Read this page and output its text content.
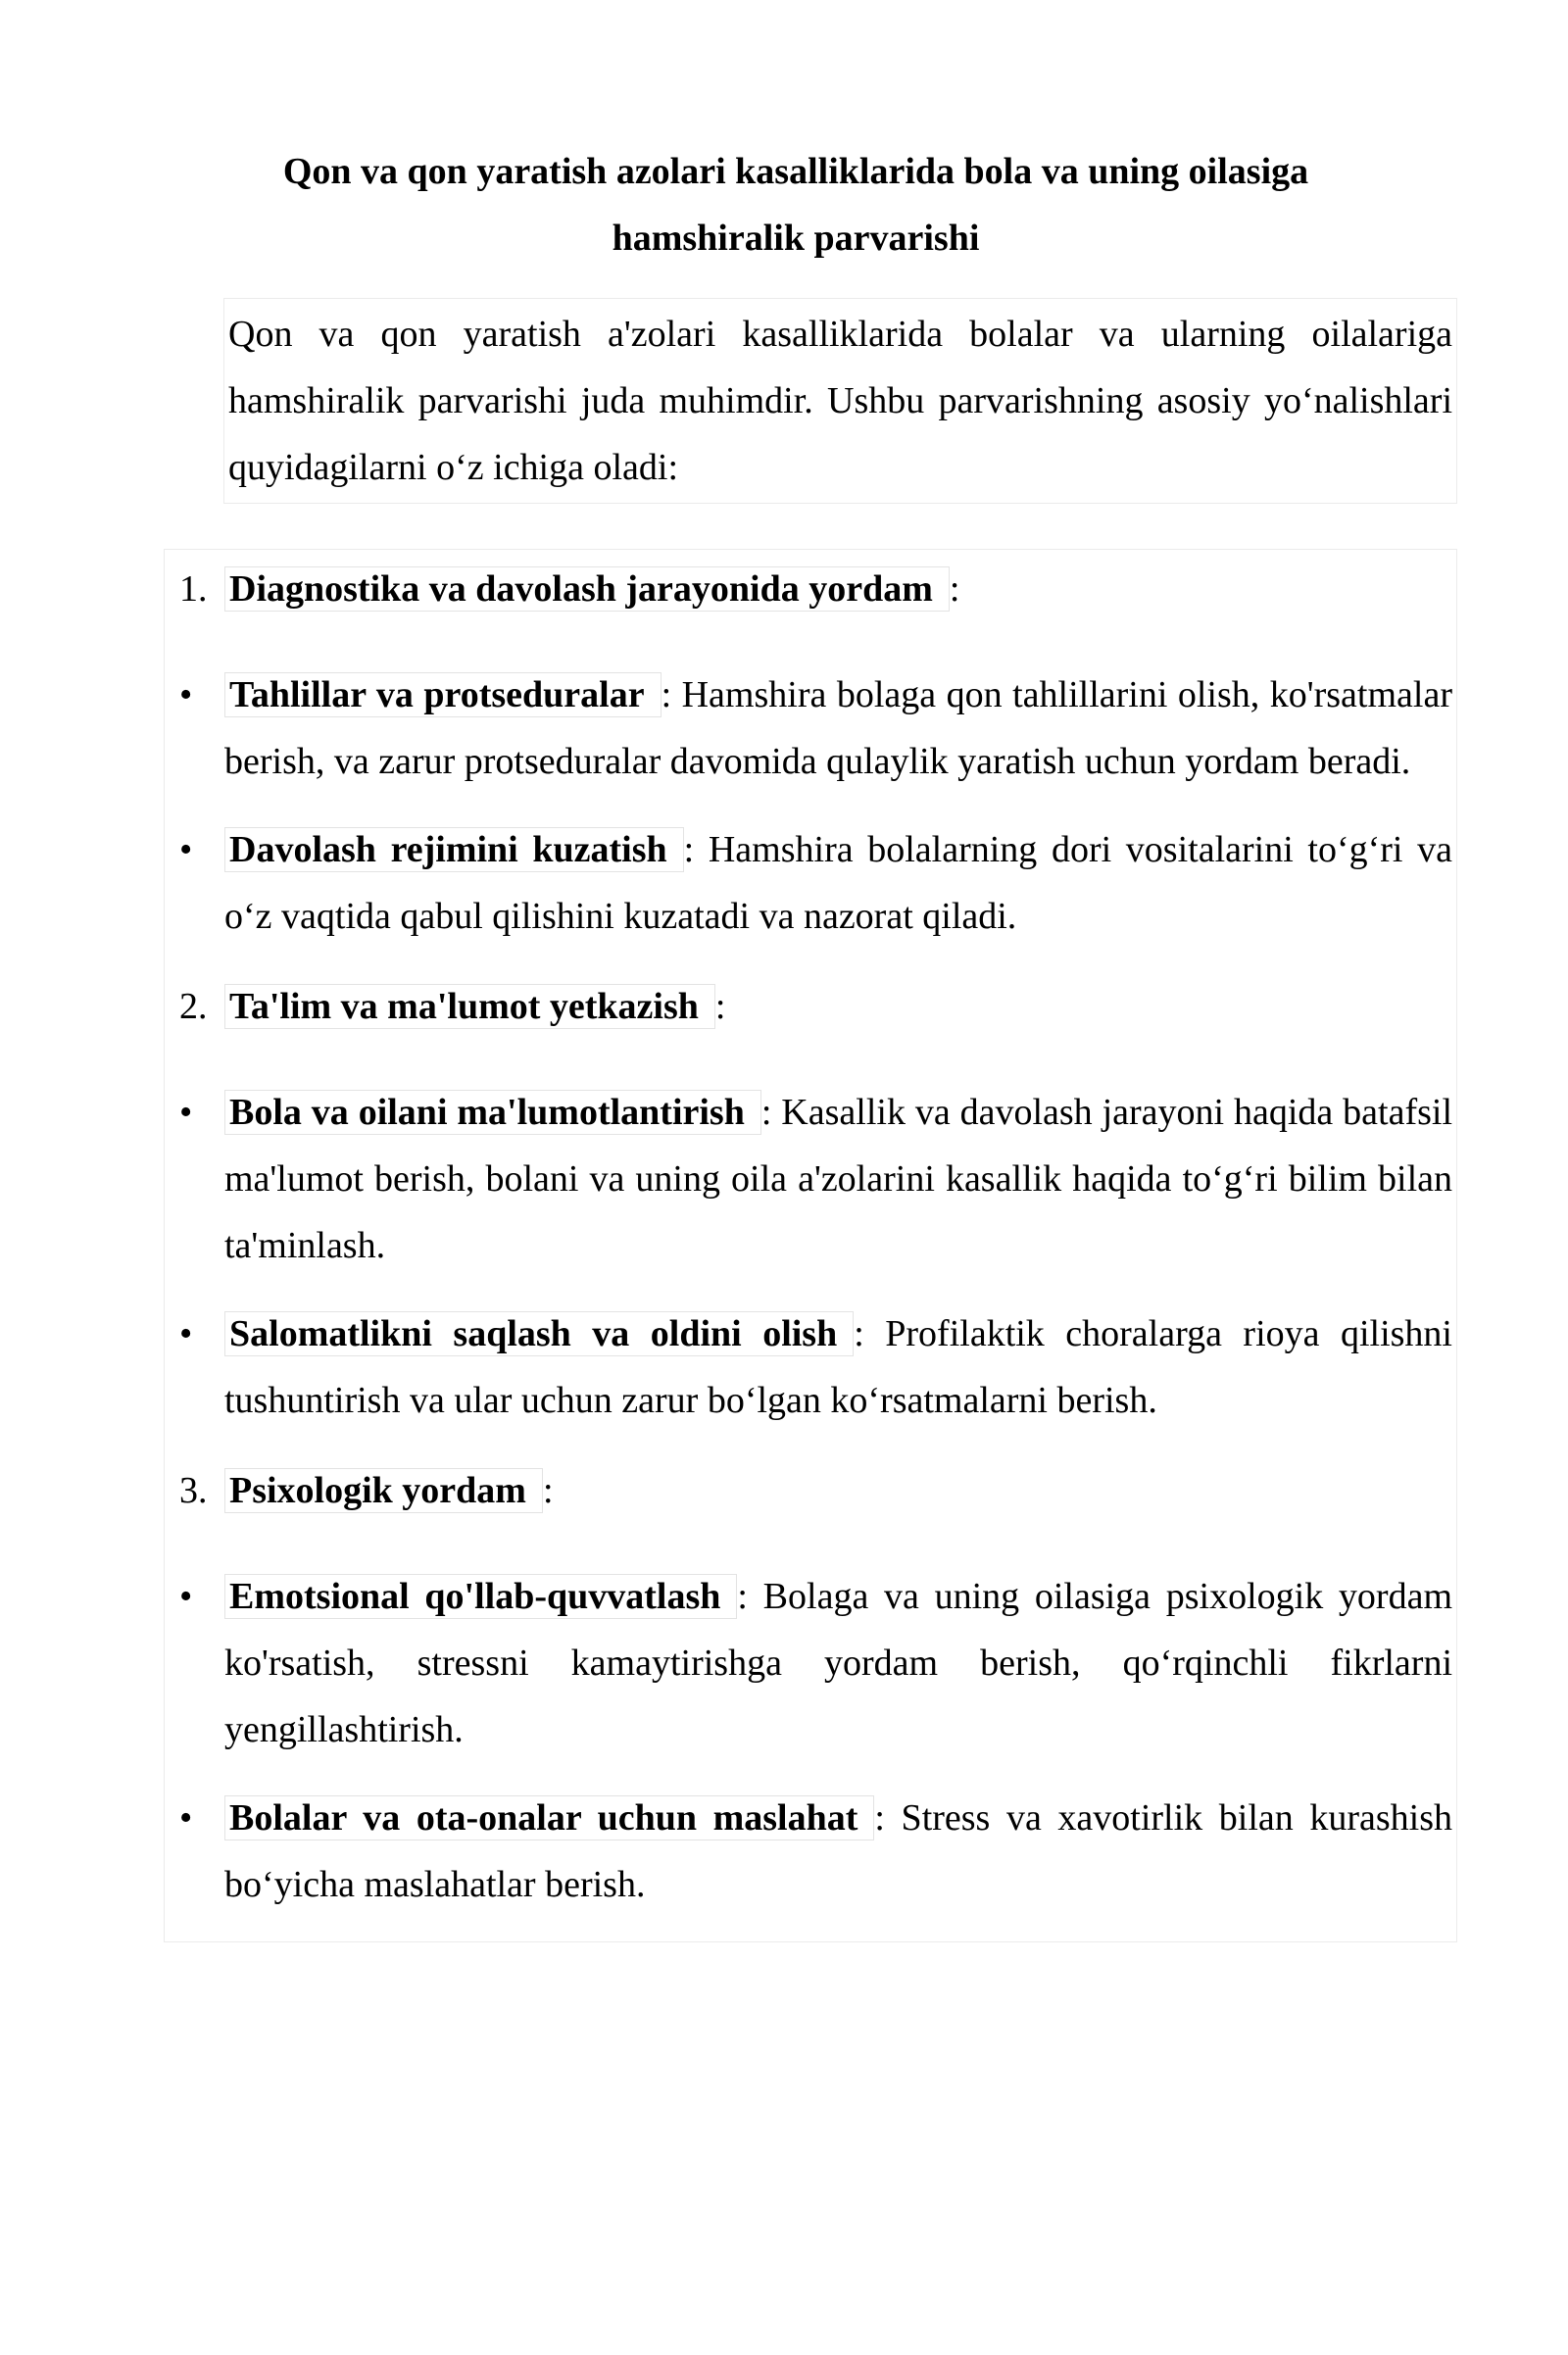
Qon va qon yaratish azolari kasalliklarida bola va uning oilasiga
hamshiralik parvarishi
Qon va qon yaratish a'zolari kasalliklarida bolalar va ularning oilalariga hamshiralik parvarishi juda muhimdir. Ushbu parvarishning asosiy yo‘nalishlari quyidagilarni o‘z ichiga oladi:
1. Diagnostika va davolash jarayonida yordam :
• Tahlillar va protseduralar : Hamshira bolaga qon tahlillarini olish, ko'rsatmalar berish, va zarur protseduralar davomida qulaylik yaratish uchun yordam beradi.
• Davolash rejimini kuzatish : Hamshira bolalarning dori vositalarini to‘g‘ri va o‘z vaqtida qabul qilishini kuzatadi va nazorat qiladi.
2. Ta'lim va ma'lumot yetkazish :
• Bola va oilani ma'lumotlantirish : Kasallik va davolash jarayoni haqida batafsil ma'lumot berish, bolani va uning oila a'zolarini kasallik haqida to‘g‘ri bilim bilan ta'minlash.
• Salomatlikni saqlash va oldini olish : Profilaktik choralarga rioya qilishni tushuntirish va ular uchun zarur bo‘lgan ko‘rsatmalarni berish.
3. Psixologik yordam :
• Emotsional qo'llab-quvvatlash : Bolaga va uning oilasiga psixologik yordam ko'rsatish, stressni kamaytirishga yordam berish, qo‘rqinchli fikrlarni yengillashtirish.
• Bolalar va ota-onalar uchun maslahat : Stress va xavotirlik bilan kurashish bo‘yicha maslahatlar berish.
